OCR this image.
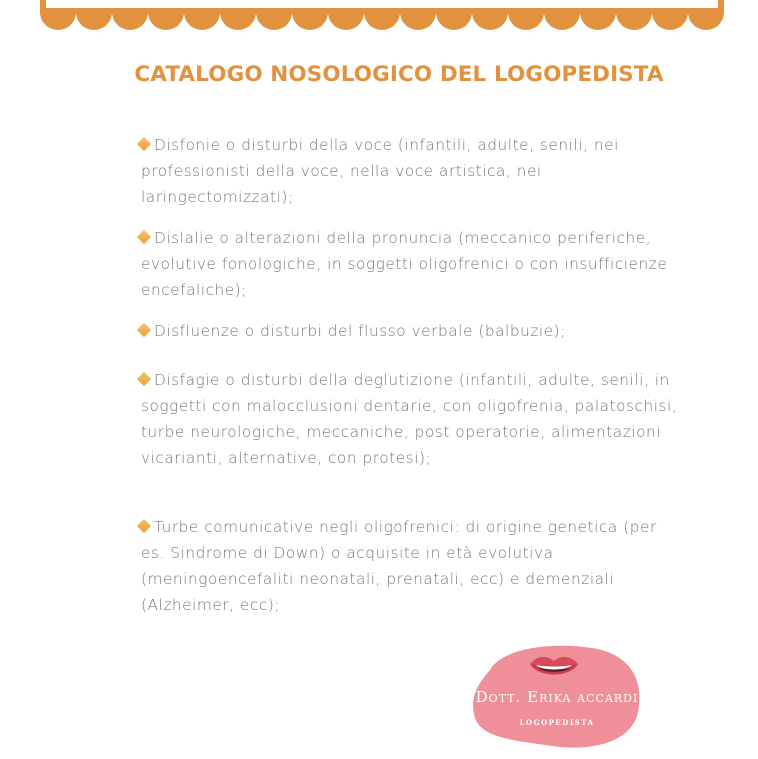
CATALOGO NOSOLOGICO DEL LOGOPEDISTA
Disfonie o disturbi della voce (infantili, adulte, senili, nei professionisti della voce, nella voce artistica, nei laringectomizzati);
Dislalie o alterazioni della pronuncia (meccanico periferiche, evolutive fonologiche, in soggetti oligofrenici o con insufficienze encefaliche);
Disfluenze o disturbi del flusso verbale (balbuzie);
Disfagie o disturbi della deglutizione (infantili, adulte, senili, in soggetti con malocclusioni dentarie, con oligofrenia, palatoschisi, turbe neurologiche, meccaniche, post operatorie, alimentazioni vicarianti, alternative, con protesi);
Turbe comunicative negli oligofrenici: di origine genetica (per es. Sindrome di Down) o acquisite in età evolutiva (meningoencefaliti neonatali, prenatali, ecc) e demenziali (Alzheimer, ecc);
Dott. Erika accardi
LOGOPEDISTA
